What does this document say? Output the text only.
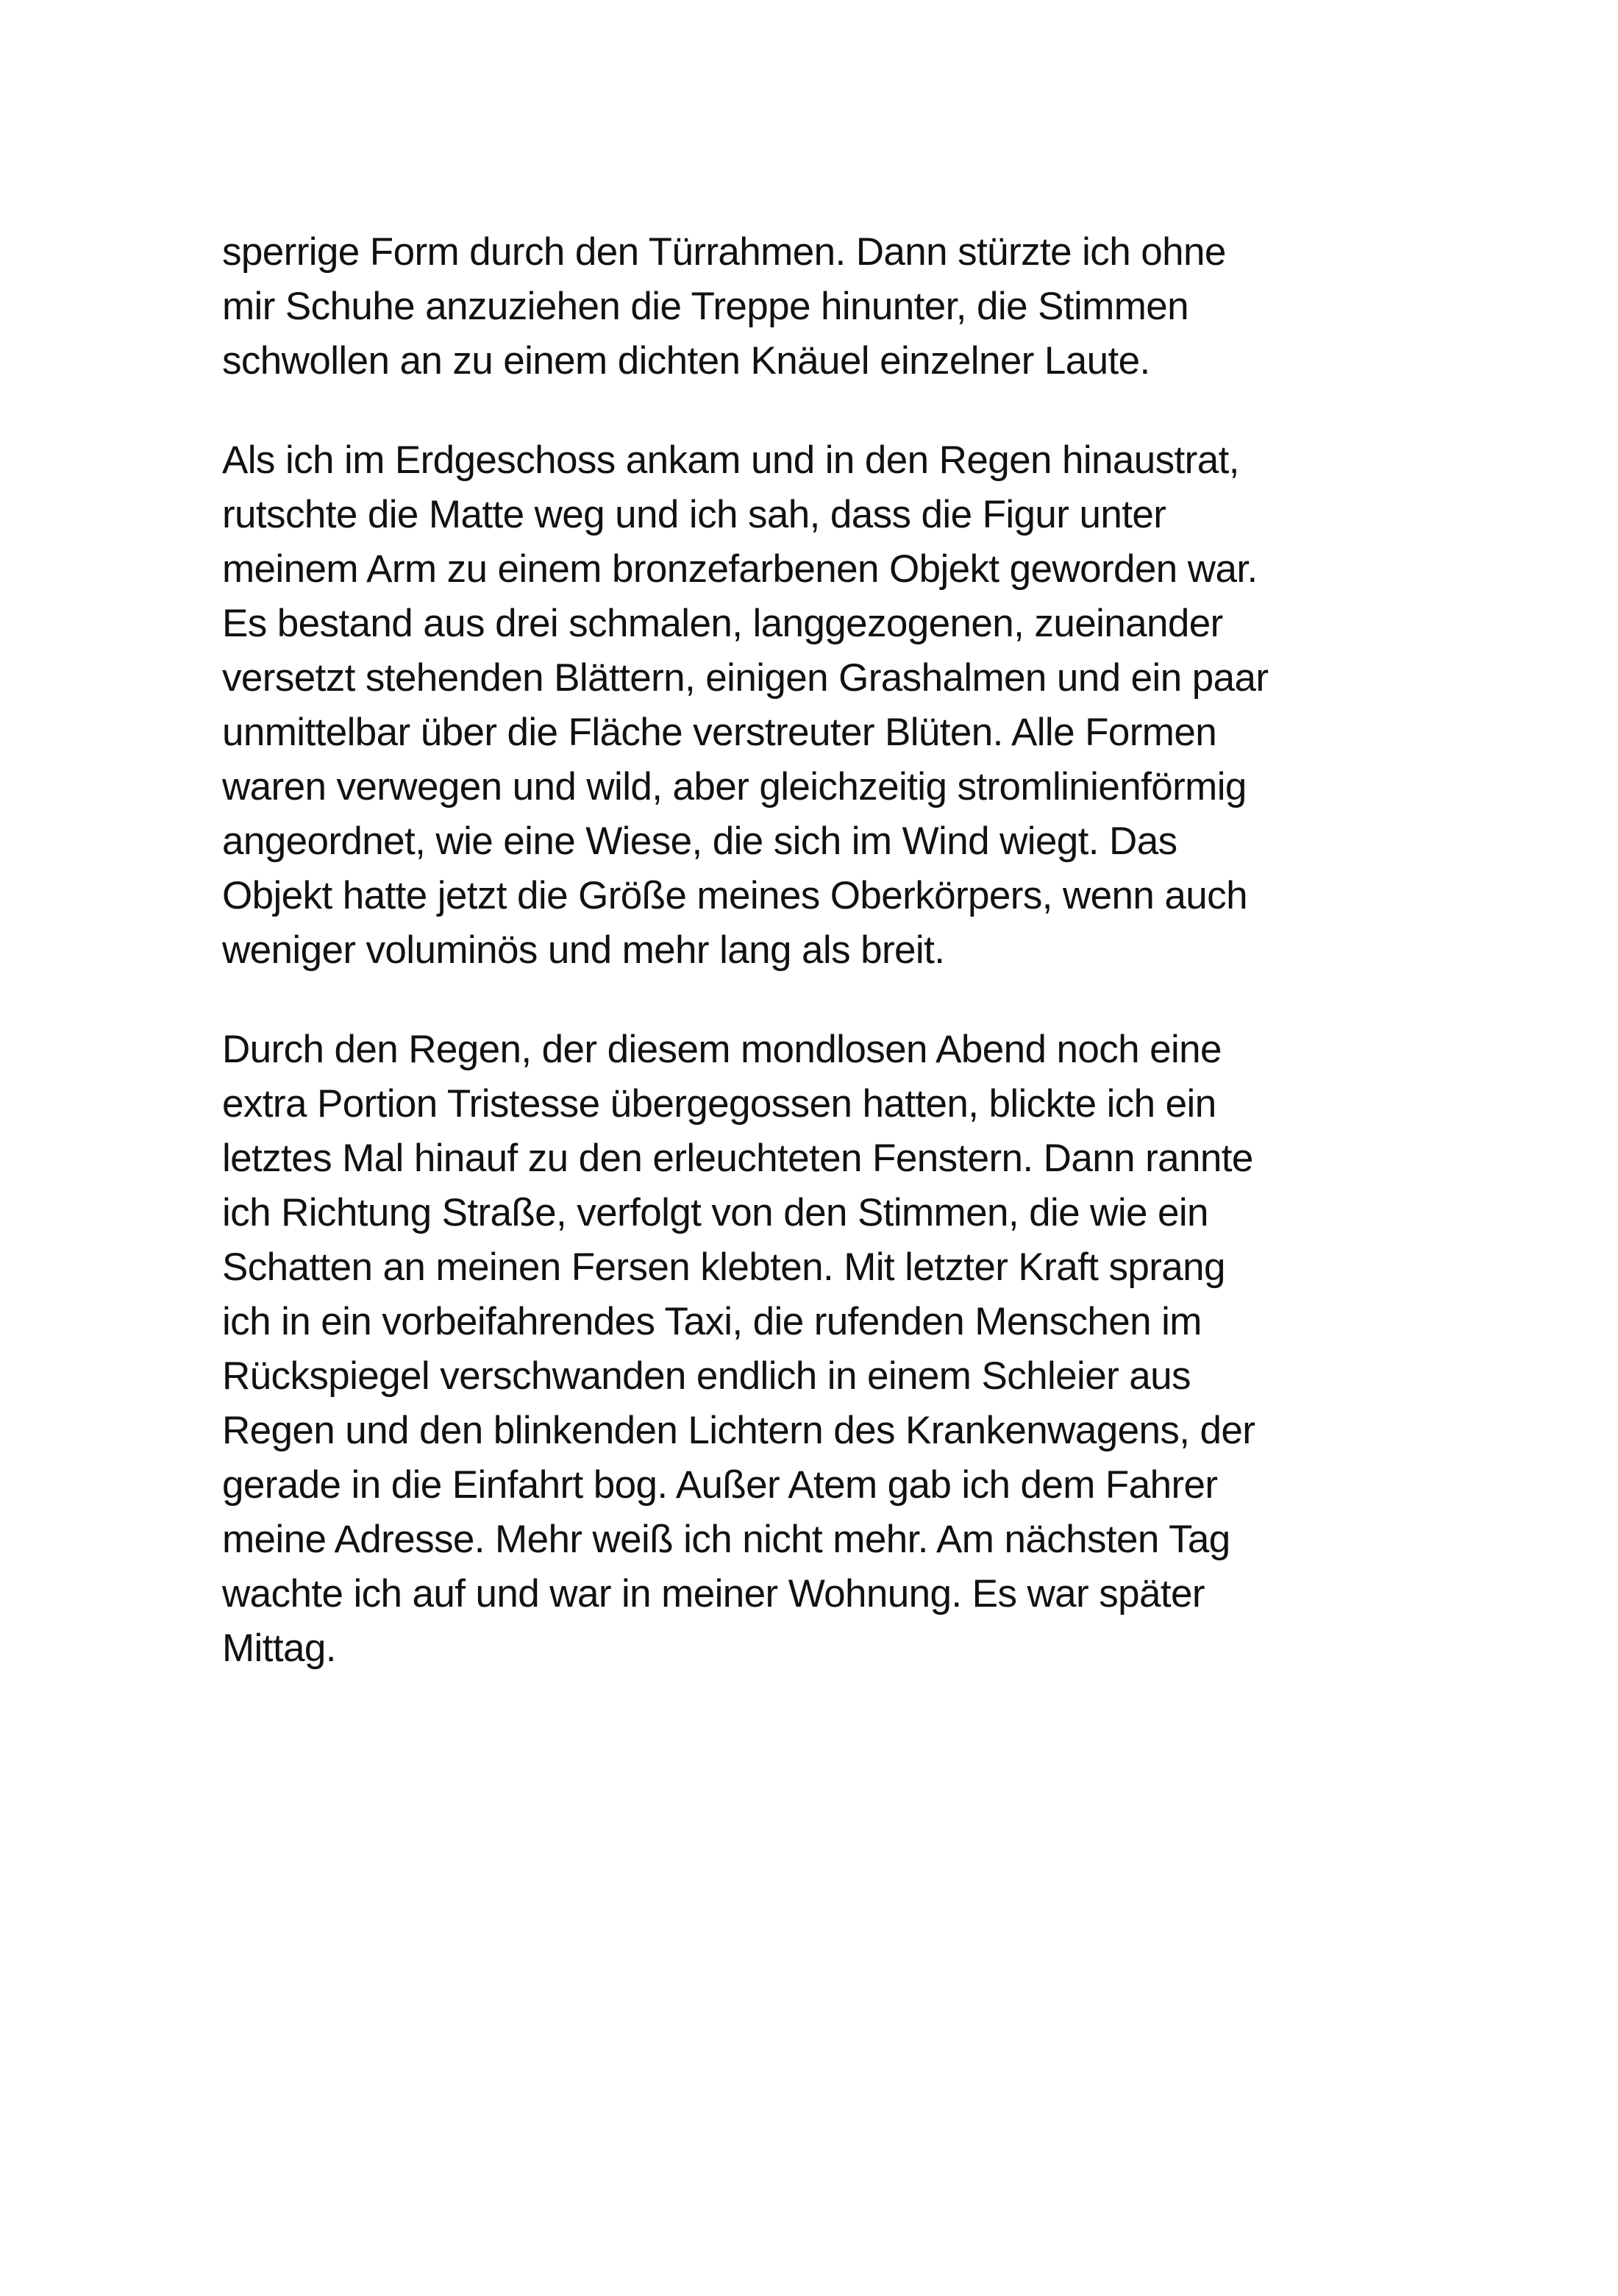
sperrige Form durch den Türrahmen. Dann stürzte ich ohne
mir Schuhe anzuziehen die Treppe hinunter, die Stimmen
schwollen an zu einem dichten Knäuel einzelner Laute.

Als ich im Erdgeschoss ankam und in den Regen hinaustrat,
rutschte die Matte weg und ich sah, dass die Figur unter
meinem Arm zu einem bronzefarbenen Objekt geworden war.
Es bestand aus drei schmalen, langgezogenen, zueinander
versetzt stehenden Blättern, einigen Grashalmen und ein paar
unmittelbar über die Fläche verstreuter Blüten. Alle Formen
waren verwegen und wild, aber gleichzeitig stromlinienförmig
angeordnet, wie eine Wiese, die sich im Wind wiegt. Das
Objekt hatte jetzt die Größe meines Oberkörpers, wenn auch
weniger voluminös und mehr lang als breit.

Durch den Regen, der diesem mondlosen Abend noch eine
extra Portion Tristesse übergegossen hatten, blickte ich ein
letztes Mal hinauf zu den erleuchteten Fenstern. Dann rannte
ich Richtung Straße, verfolgt von den Stimmen, die wie ein
Schatten an meinen Fersen klebten. Mit letzter Kraft sprang
ich in ein vorbeifahrendes Taxi, die rufenden Menschen im
Rückspiegel verschwanden endlich in einem Schleier aus
Regen und den blinkenden Lichtern des Krankenwagens, der
gerade in die Einfahrt bog. Außer Atem gab ich dem Fahrer
meine Adresse. Mehr weiß ich nicht mehr. Am nächsten Tag
wachte ich auf und war in meiner Wohnung. Es war später
Mittag.
